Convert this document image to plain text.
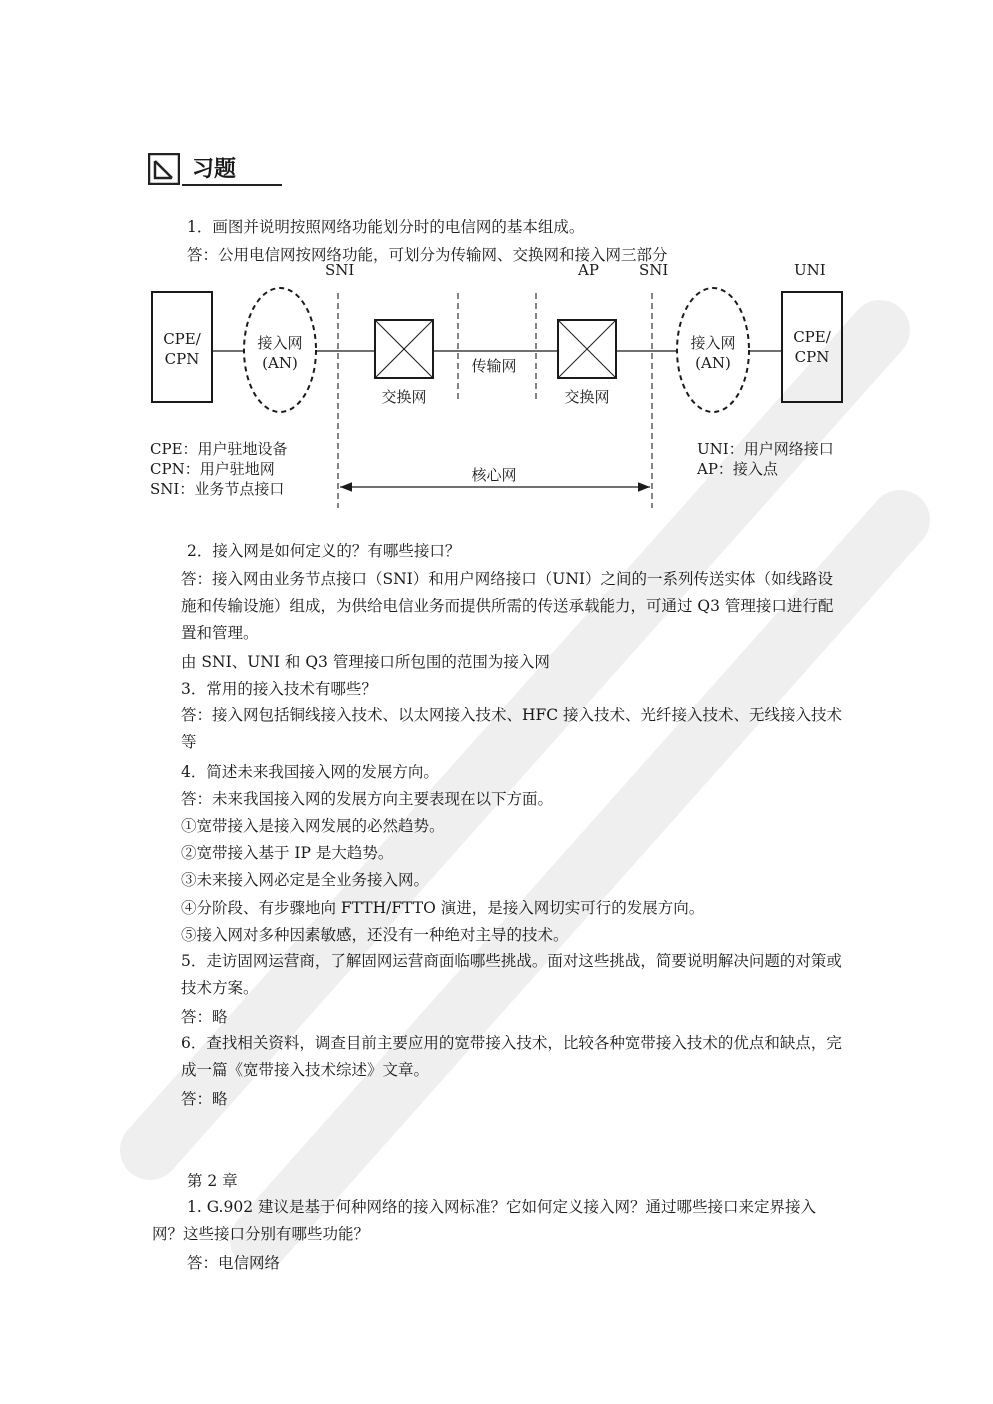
习题
1．画图并说明按照网络功能划分时的电信网的基本组成。
答：公用电信网按网络功能，可划分为传输网、交换网和接入网三部分
SNI	AP	SNI	UNI
CPE/
CPN
接入网
(AN)
交换网
传输网
交换网
接入网
(AN)
CPE/
CPN
CPE：用户驻地设备
CPN：用户驻地网
SNI：业务节点接口
UNI：用户网络接口
AP：接入点
核心网
2．接入网是如何定义的？有哪些接口？
答：接入网由业务节点接口（SNI）和用户网络接口（UNI）之间的一系列传送实体（如线路设施和传输设施）组成，为供给电信业务而提供所需的传送承载能力，可通过 Q3 管理接口进行配置和管理。
由 SNI、UNI 和 Q3 管理接口所包围的范围为接入网
3．常用的接入技术有哪些？
答：接入网包括铜线接入技术、以太网接入技术、HFC 接入技术、光纤接入技术、无线接入技术等
4．简述未来我国接入网的发展方向。
答：未来我国接入网的发展方向主要表现在以下方面。
①宽带接入是接入网发展的必然趋势。
②宽带接入基于 IP 是大趋势。
③未来接入网必定是全业务接入网。
④分阶段、有步骤地向 FTTH/FTTO 演进，是接入网切实可行的发展方向。
⑤接入网对多种因素敏感，还没有一种绝对主导的技术。
5．走访固网运营商，了解固网运营商面临哪些挑战。面对这些挑战，简要说明解决问题的对策或技术方案。
答：略
6．查找相关资料，调查目前主要应用的宽带接入技术，比较各种宽带接入技术的优点和缺点，完成一篇《宽带接入技术综述》文章。
答：略
第 2 章
1. G.902 建议是基于何种网络的接入网标准？它如何定义接入网？通过哪些接口来定界接入网？这些接口分别有哪些功能？
答：电信网络
